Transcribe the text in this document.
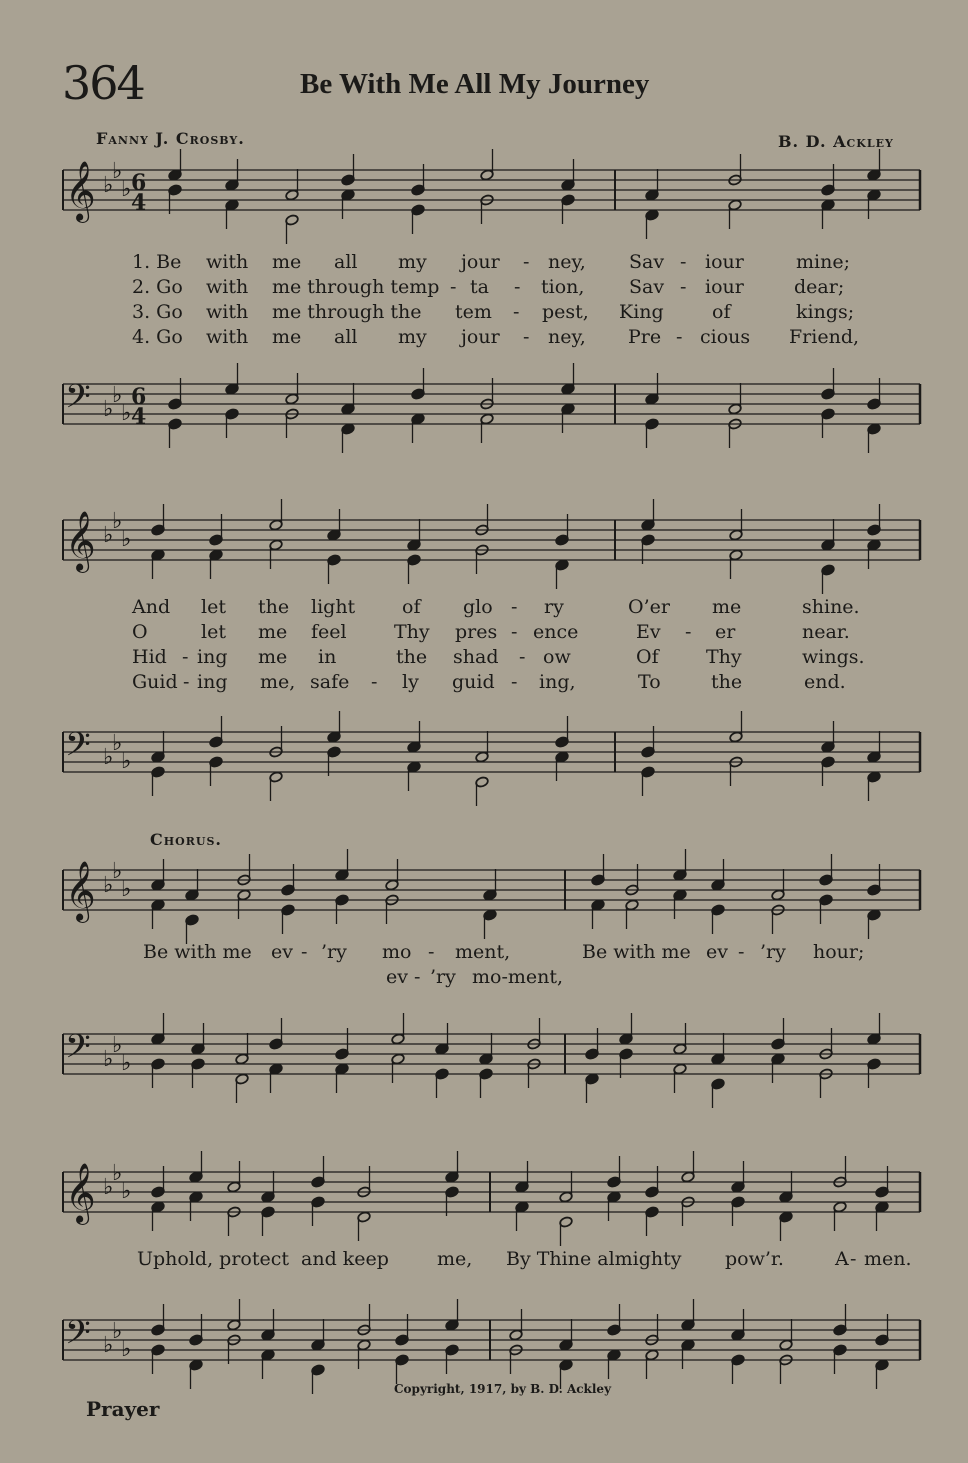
364	Be With Me All My Journey
Fanny J. Crosby.	B. D. Ackley
𝄞 ♭
♭
♭ 6
4
𝄢 ♭
♭
♭
6
4
𝄞 ♭
♭
♭
𝄢 ♭
♭
♭
𝄞 ♭
♭
♭
𝄢 ♭
♭
♭
𝄞 ♭
♭
♭
𝄢 ♭
♭
♭
1. Be with me all my jour - ney, Sav - iour	mine;
2. Go with me through temp - ta - tion, Sav - iour	dear;
3. Go with me through the tem - pest, King	of	kings;
4. Go with me all my jour - ney, Pre - cious Friend,
And let the light of glo - ry	O’er me	shine.
O	let me feel Thy pres - ence	Ev - er	near.
Hid - ing me in	the shad - ow	Of Thy	wings.
Guid - ing me, safe - ly guid - ing,	To	the	end.
Chorus.
Be with me ev - ’ry mo - ment,	Be with me ev - ’ry hour;
ev - ’ry mo-ment,
Uphold, protect and keep	me, By Thine almighty pow’r.	A - men.
Copyright, 1917, by B. D. Ackley
Prayer
